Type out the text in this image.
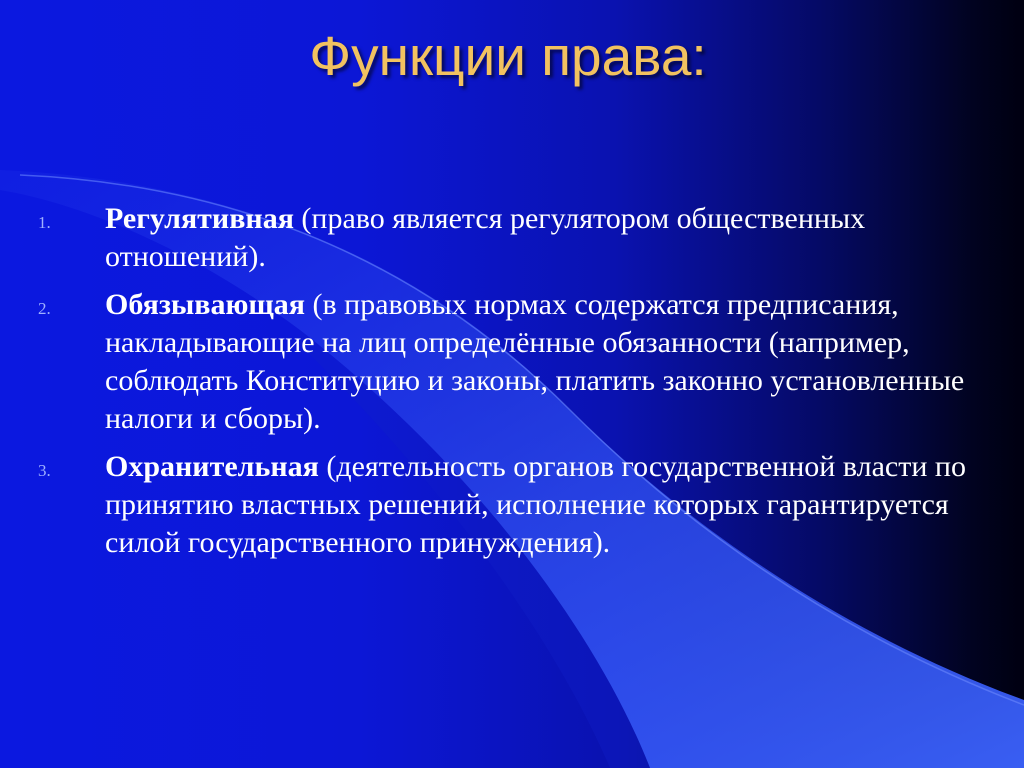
Функции права:
1. Регулятивная (право является регулятором общественных отношений).
2. Обязывающая (в правовых нормах содержатся предписания, накладывающие на лиц определённые обязанности (например, соблюдать Конституцию и законы, платить законно установленные налоги и сборы).
3. Охранительная (деятельность органов государственной власти по принятию властных решений, исполнение которых гарантируется силой государственного принуждения).
